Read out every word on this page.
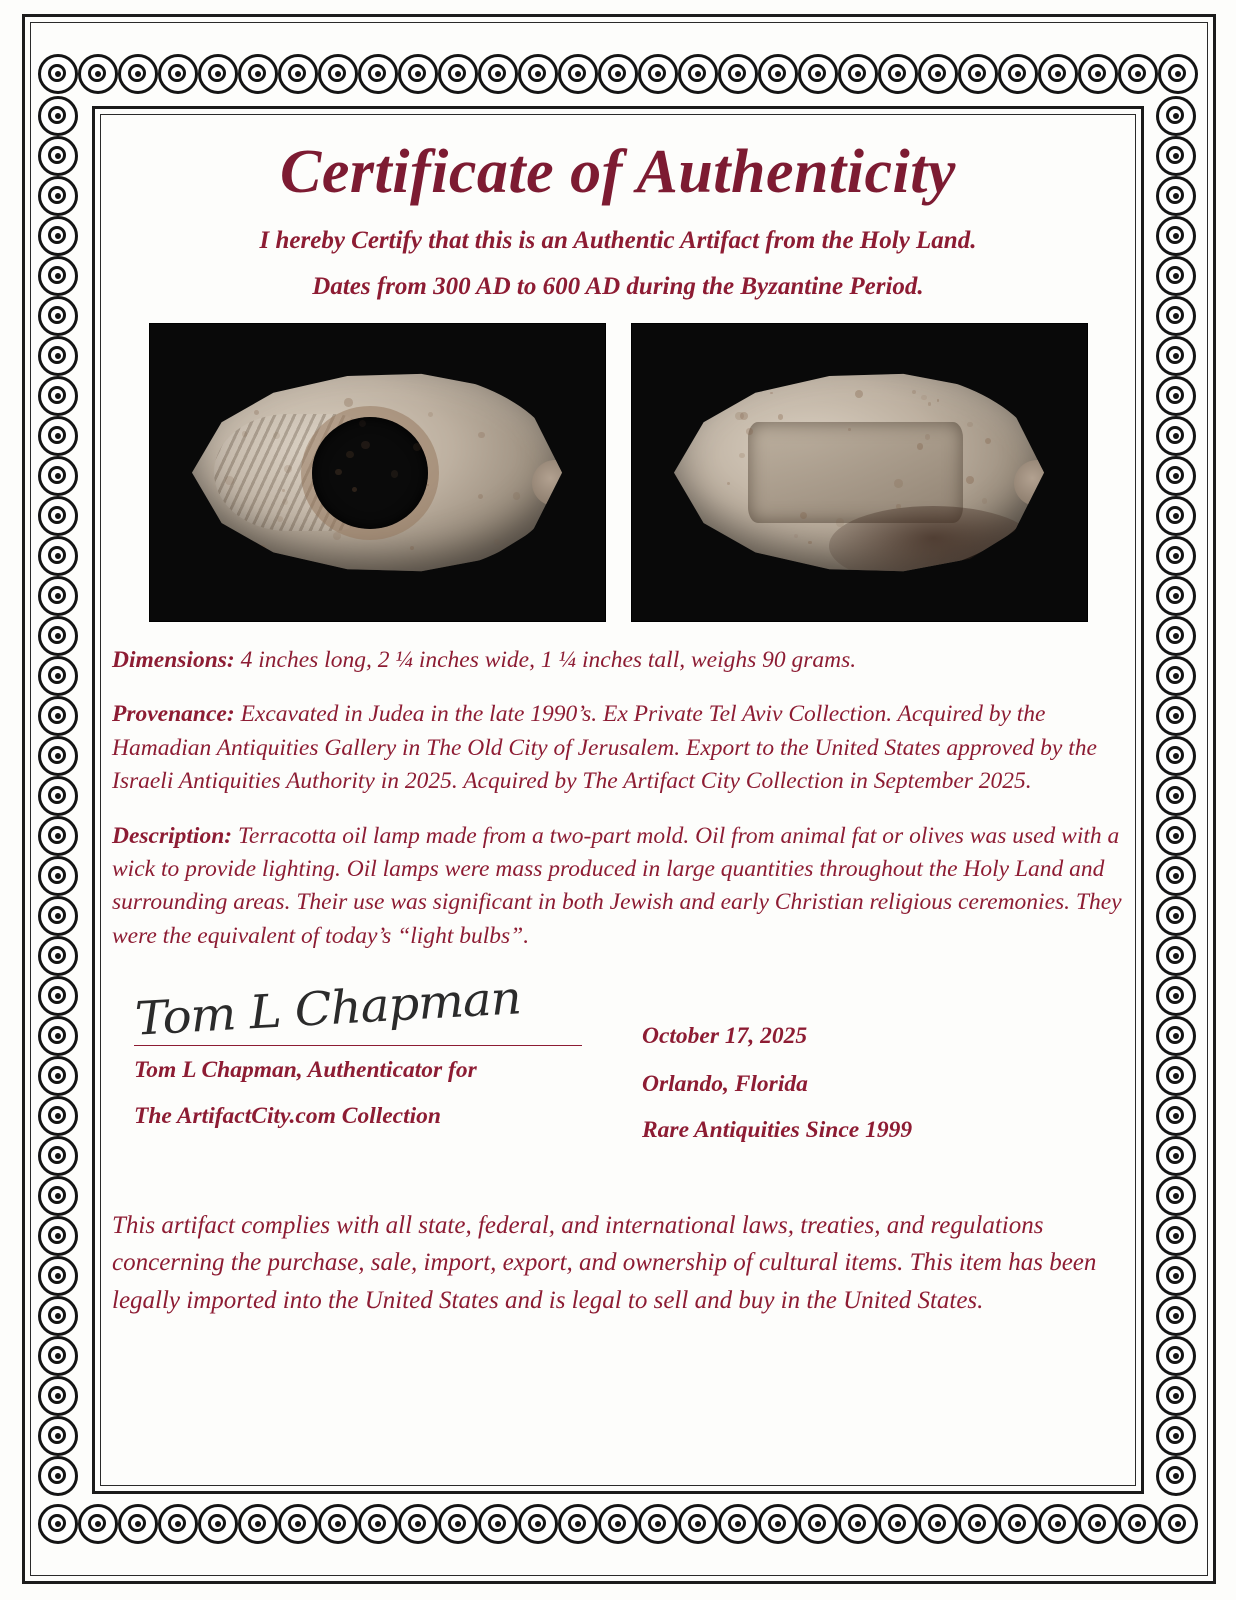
Certificate of Authenticity
I hereby Certify that this is an Authentic Artifact from the Holy Land.
Dates from 300 AD to 600 AD during the Byzantine Period.
Dimensions: 4 inches long, 2 ¼ inches wide, 1 ¼ inches tall, weighs 90 grams.
Provenance: Excavated in Judea in the late 1990’s. Ex Private Tel Aviv Collection. Acquired by the Hamadian Antiquities Gallery in The Old City of Jerusalem. Export to the United States approved by the Israeli Antiquities Authority in 2025. Acquired by The Artifact City Collection in September 2025.
Description: Terracotta oil lamp made from a two-part mold. Oil from animal fat or olives was used with a wick to provide lighting. Oil lamps were mass produced in large quantities throughout the Holy Land and surrounding areas. Their use was significant in both Jewish and early Christian religious ceremonies. They were the equivalent of today’s “light bulbs”.
Tom L Chapman
Tom L Chapman, Authenticator for
The ArtifactCity.com Collection
October 17, 2025
Orlando, Florida
Rare Antiquities Since 1999
This artifact complies with all state, federal, and international laws, treaties, and regulations concerning the purchase, sale, import, export, and ownership of cultural items. This item has been legally imported into the United States and is legal to sell and buy in the United States.
